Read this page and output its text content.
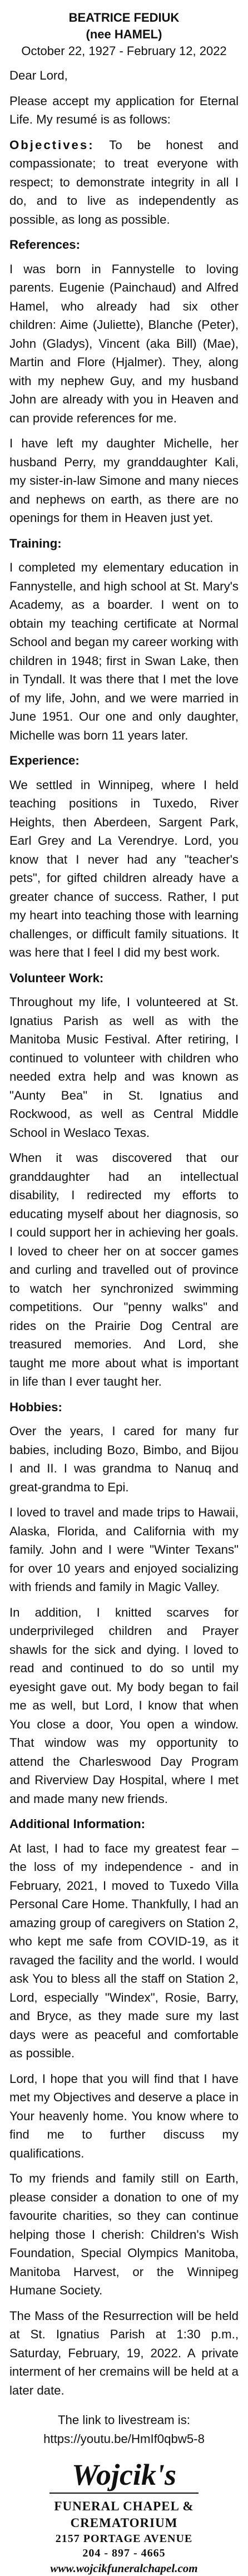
BEATRICE FEDIUK
(nee HAMEL)
October 22, 1927 - February 12, 2022

Dear Lord,

Please accept my application for Eternal Life. My resumé is as follows:

Objectives: To be honest and compassionate; to treat everyone with respect; to demonstrate integrity in all I do, and to live as independently as possible, as long as possible.

References:

I was born in Fannystelle to loving parents. Eugenie (Painchaud) and Alfred Hamel, who already had six other children: Aime (Juliette), Blanche (Peter), John (Gladys), Vincent (aka Bill) (Mae), Martin and Flore (Hjalmer). They, along with my nephew Guy, and my husband John are already with you in Heaven and can provide references for me.

I have left my daughter Michelle, her husband Perry, my granddaughter Kali, my sister-in-law Simone and many nieces and nephews on earth, as there are no openings for them in Heaven just yet.

Training:

I completed my elementary education in Fannystelle, and high school at St. Mary's Academy, as a boarder. I went on to obtain my teaching certificate at Normal School and began my career working with children in 1948; first in Swan Lake, then in Tyndall. It was there that I met the love of my life, John, and we were married in June 1951. Our one and only daughter, Michelle was born 11 years later.

Experience:

We settled in Winnipeg, where I held teaching positions in Tuxedo, River Heights, then Aberdeen, Sargent Park, Earl Grey and La Verendrye. Lord, you know that I never had any "teacher's pets", for gifted children already have a greater chance of success. Rather, I put my heart into teaching those with learning challenges, or difficult family situations. It was here that I feel I did my best work.

Volunteer Work:

Throughout my life, I volunteered at St. Ignatius Parish as well as with the Manitoba Music Festival. After retiring, I continued to volunteer with children who needed extra help and was known as "Aunty Bea" in St. Ignatius and Rockwood, as well as Central Middle School in Weslaco Texas.

When it was discovered that our granddaughter had an intellectual disability, I redirected my efforts to educating myself about her diagnosis, so I could support her in achieving her goals. I loved to cheer her on at soccer games and curling and travelled out of province to watch her synchronized swimming competitions. Our "penny walks" and rides on the Prairie Dog Central are treasured memories. And Lord, she taught me more about what is important in life than I ever taught her.

Hobbies:

Over the years, I cared for many fur babies, including Bozo, Bimbo, and Bijou I and II. I was grandma to Nanuq and great-grandma to Epi.

I loved to travel and made trips to Hawaii, Alaska, Florida, and California with my family. John and I were "Winter Texans" for over 10 years and enjoyed socializing with friends and family in Magic Valley.

In addition, I knitted scarves for underprivileged children and Prayer shawls for the sick and dying. I loved to read and continued to do so until my eyesight gave out. My body began to fail me as well, but Lord, I know that when You close a door, You open a window. That window was my opportunity to attend the Charleswood Day Program and Riverview Day Hospital, where I met and made many new friends.

Additional Information:

At last, I had to face my greatest fear – the loss of my independence - and in February, 2021, I moved to Tuxedo Villa Personal Care Home. Thankfully, I had an amazing group of caregivers on Station 2, who kept me safe from COVID-19, as it ravaged the facility and the world. I would ask You to bless all the staff on Station 2, Lord, especially "Windex", Rosie, Barry, and Bryce, as they made sure my last days were as peaceful and comfortable as possible.

Lord, I hope that you will find that I have met my Objectives and deserve a place in Your heavenly home. You know where to find me to further discuss my qualifications.

To my friends and family still on Earth, please consider a donation to one of my favourite charities, so they can continue helping those I cherish: Children's Wish Foundation, Special Olympics Manitoba, Manitoba Harvest, or the Winnipeg Humane Society.

The Mass of the Resurrection will be held at St. Ignatius Parish at 1:30 p.m., Saturday, February, 19, 2022. A private interment of her cremains will be held at a later date.

The link to livestream is:
https://youtu.be/HmIf0qbw5-8
Wojcik's
FUNERAL CHAPEL & CREMATORIUM
2157 PORTAGE AVENUE
204 - 897 - 4665
www.wojcikfuneralchapel.com
